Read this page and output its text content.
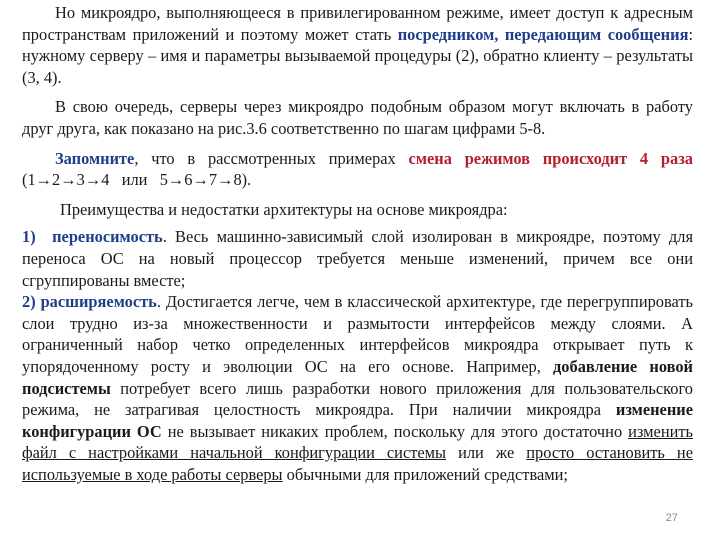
Но микроядро, выполняющееся в привилегированном режиме, имеет доступ к адресным пространствам приложений и поэтому может стать посредником, передающим сообщения: нужному серверу – имя и параметры вызываемой процедуры (2), обратно клиенту – результаты (3, 4).

В свою очередь, серверы через микроядро подобным образом могут включать в работу друг друга, как показано на рис.3.6 соответственно по шагам цифрами 5-8.

Запомните, что в рассмотренных примерах смена режимов происходит 4 раза (1→2→3→4   или   5→6→7→8).

Преимущества и недостатки архитектуры на основе микроядра:

1) переносимость. Весь машинно-зависимый слой изолирован в микроядре, поэтому для переноса ОС на новый процессор требуется меньше изменений, причем все они сгруппированы вместе;

2) расширяемость. Достигается легче, чем в классической архитектуре, где перегруппировать слои трудно из-за множественности и размытости интерфейсов между слоями. А ограниченный набор четко определенных интерфейсов микроядра открывает путь к упорядоченному росту и эволюции ОС на его основе. Например, добавление новой подсистемы потребует всего лишь разработки нового приложения для пользовательского режима, не затрагивая целостность микроядра. При наличии микроядра изменение конфигурации ОС не вызывает никаких проблем, поскольку для этого достаточно изменить файл с настройками начальной конфигурации системы или же просто остановить не используемые в ходе работы серверы обычными для приложений средствами;

27
